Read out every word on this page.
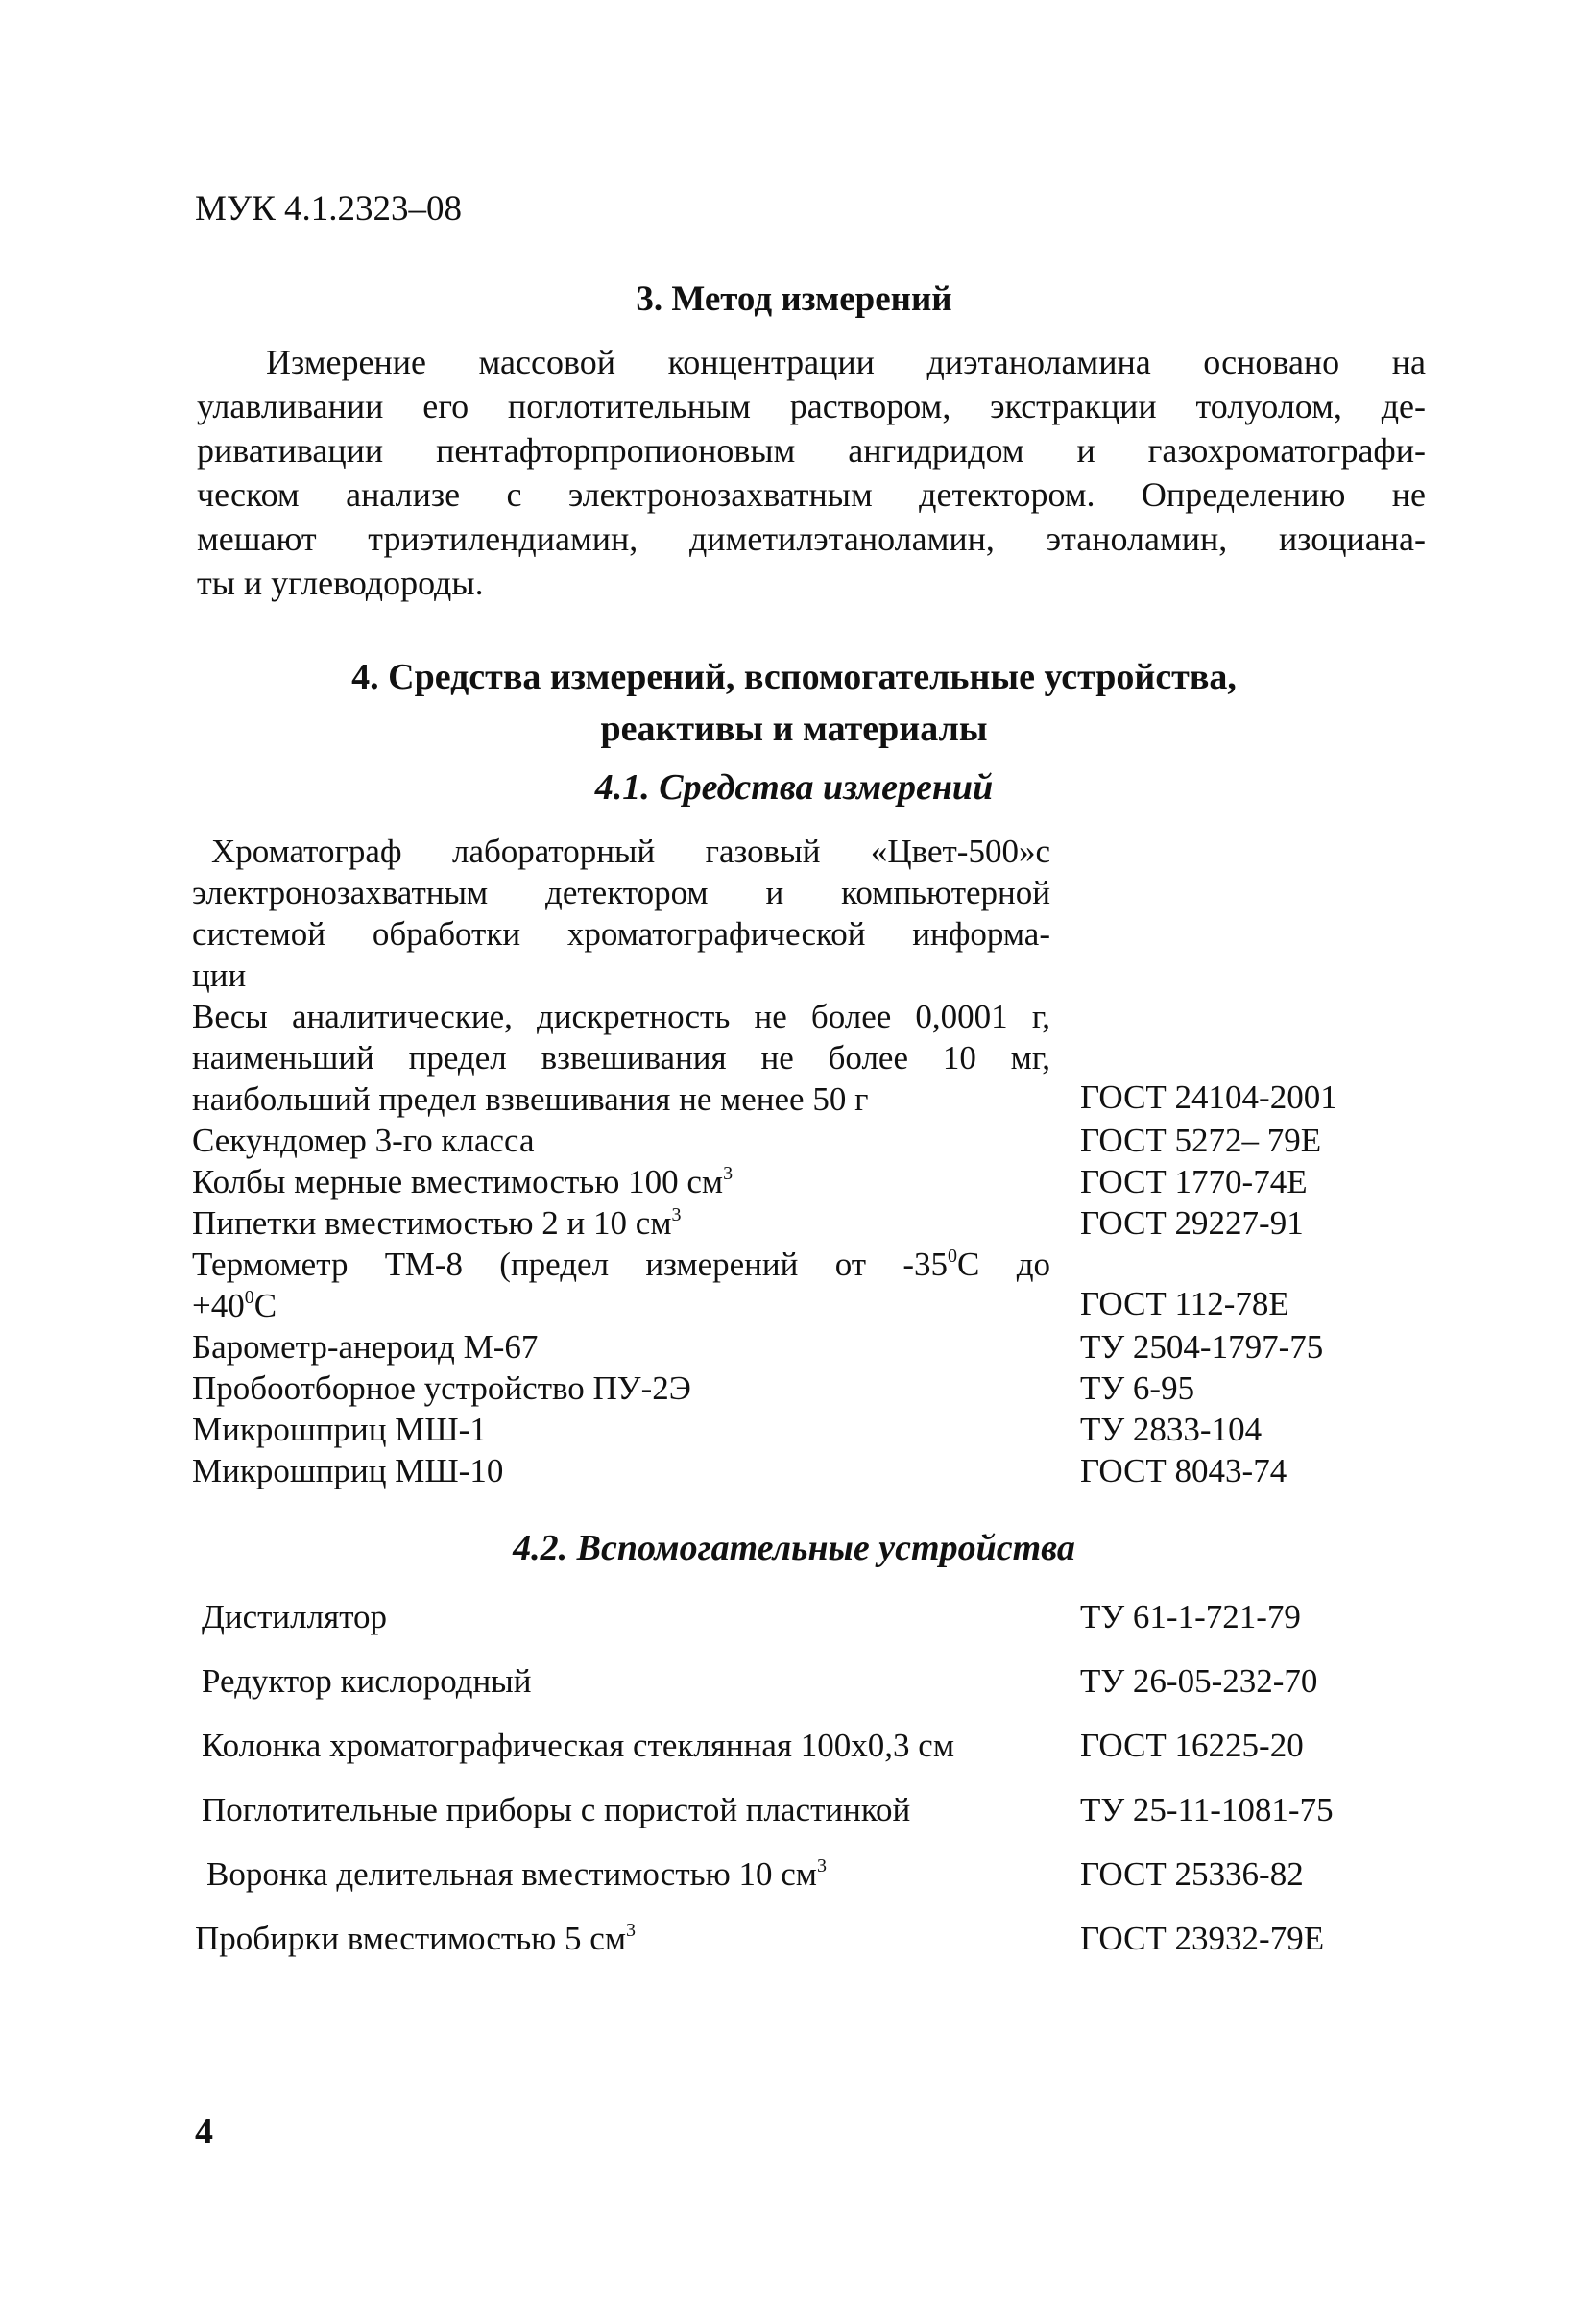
МУК 4.1.2323–08
3. Метод измерений
Измерение массовой концентрации диэтаноламина основано на
улавливании его поглотительным раствором, экстракции толуолом, де-
ривативации пентафторпропионовым ангидридом и газохроматографи-
ческом анализе с электронозахватным детектором. Определению не
мешают триэтилендиамин, диметилэтаноламин, этаноламин, изоциана-
ты и углеводороды.
4. Средства измерений, вспомогательные устройства,
реактивы и материалы
4.1. Средства измерений
Хроматограф лабораторный газовый «Цвет-500»с
электронозахватным детектором и компьютерной
системой обработки хроматографической информа-
ции
Весы аналитические, дискретность не более 0,0001 г,
наименьший предел взвешивания не более 10 мг,
наибольший предел взвешивания не менее 50 г	ГОСТ 24104-2001
Секундомер 3-го класса	ГОСТ 5272– 79Е
Колбы мерные вместимостью 100 $см^3$	ГОСТ 1770-74Е
Пипетки вместимостью 2 и 10 $см^3$	ГОСТ 29227-91
Термометр ТМ-8 (предел измерений от $-35^0С$ до
$+40^0С$	ГОСТ 112-78Е
Барометр-анероид М-67	ТУ 2504-1797-75
Пробоотборное устройство ПУ-2Э	ТУ 6-95
Микрошприц МШ-1	ТУ 2833-104
Микрошприц МШ-10	ГОСТ 8043-74
4.2. Вспомогательные устройства
Дистиллятор	ТУ 61-1-721-79
Редуктор кислородный	ТУ 26-05-232-70
Колонка хроматографическая стеклянная 100х0,3 см	ГОСТ 16225-20
Поглотительные приборы с пористой пластинкой	ТУ 25-11-1081-75
Воронка делительная вместимостью 10 $см^3$	ГОСТ 25336-82
Пробирки вместимостью 5 $см^3$	ГОСТ 23932-79Е
4
